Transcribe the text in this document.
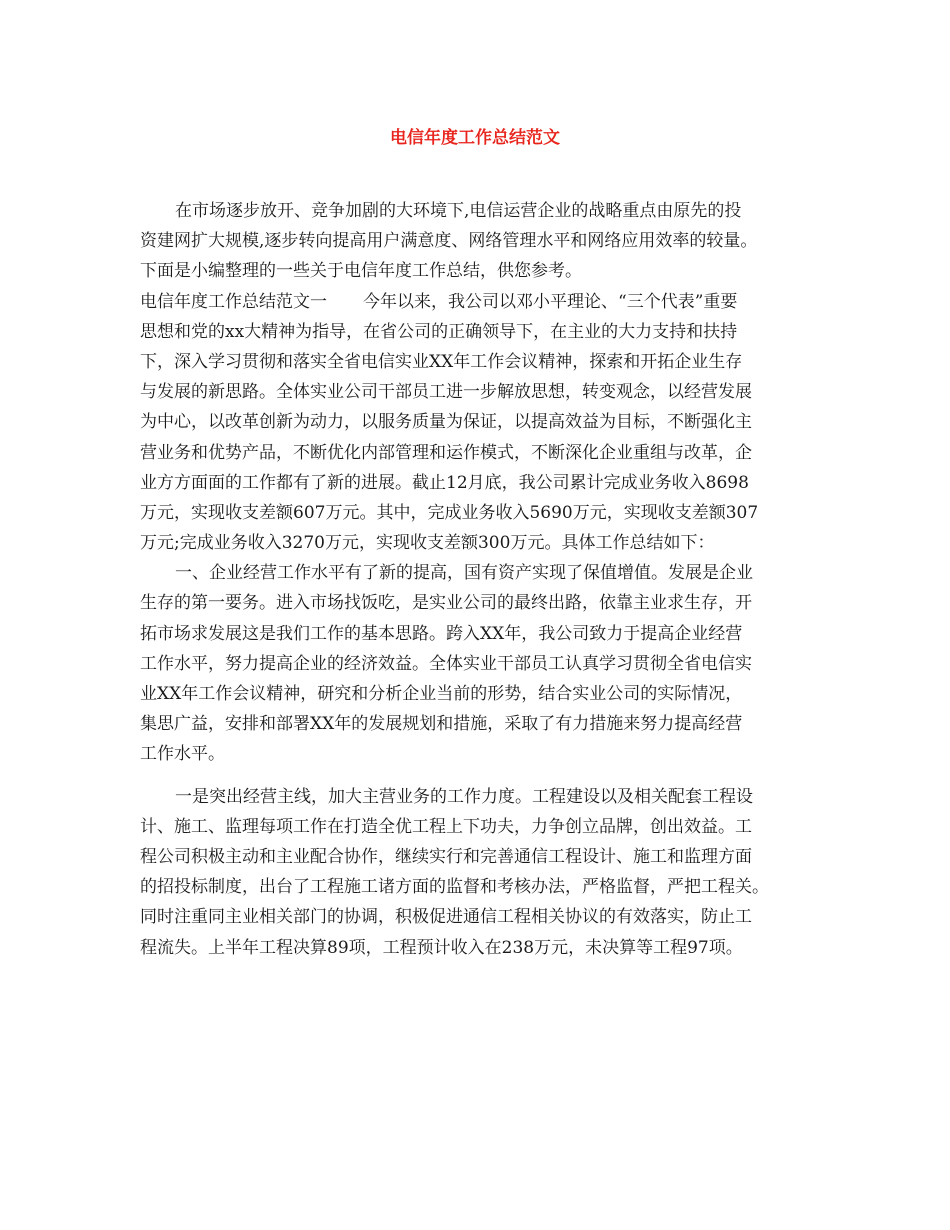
电信年度工作总结范文
在市场逐步放开、竞争加剧的大环境下,电信运营企业的战略重点由原先的投
资建网扩大规模,逐步转向提高用户满意度、网络管理水平和网络应用效率的较量。
下面是小编整理的一些关于电信年度工作总结，供您参考。
电信年度工作总结范文一 今年以来，我公司以邓小平理论、“三个代表”重要
思想和党的xx大精神为指导，在省公司的正确领导下，在主业的大力支持和扶持
下，深入学习贯彻和落实全省电信实业XX年工作会议精神，探索和开拓企业生存
与发展的新思路。全体实业公司干部员工进一步解放思想，转变观念，以经营发展
为中心，以改革创新为动力，以服务质量为保证，以提高效益为目标，不断强化主
营业务和优势产品，不断优化内部管理和运作模式，不断深化企业重组与改革，企
业方方面面的工作都有了新的进展。截止12月底，我公司累计完成业务收入8698
万元，实现收支差额607万元。其中，完成业务收入5690万元，实现收支差额307
万元;完成业务收入3270万元，实现收支差额300万元。具体工作总结如下：
一、企业经营工作水平有了新的提高，国有资产实现了保值增值。发展是企业
生存的第一要务。进入市场找饭吃，是实业公司的最终出路，依靠主业求生存，开
拓市场求发展这是我们工作的基本思路。跨入XX年，我公司致力于提高企业经营
工作水平，努力提高企业的经济效益。全体实业干部员工认真学习贯彻全省电信实
业XX年工作会议精神，研究和分析企业当前的形势，结合实业公司的实际情况，
集思广益，安排和部署XX年的发展规划和措施，采取了有力措施来努力提高经营
工作水平。
一是突出经营主线，加大主营业务的工作力度。工程建设以及相关配套工程设
计、施工、监理每项工作在打造全优工程上下功夫，力争创立品牌，创出效益。工
程公司积极主动和主业配合协作，继续实行和完善通信工程设计、施工和监理方面
的招投标制度，出台了工程施工诸方面的监督和考核办法，严格监督，严把工程关。
同时注重同主业相关部门的协调，积极促进通信工程相关协议的有效落实，防止工
程流失。上半年工程决算89项，工程预计收入在238万元，未决算等工程97项。
